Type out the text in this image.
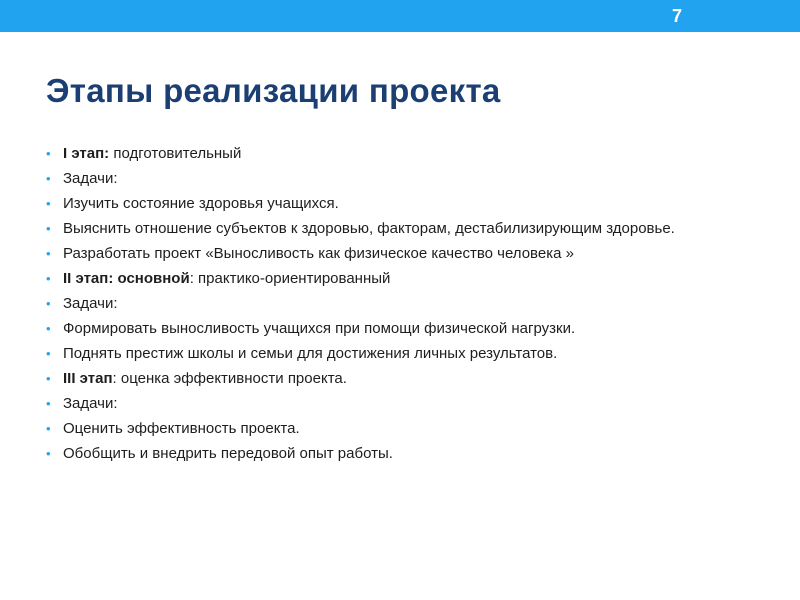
7
Этапы реализации проекта
• I этап: подготовительный
• Задачи:
• Изучить состояние здоровья учащихся.
• Выяснить отношение субъектов к здоровью, факторам, дестабилизирующим здоровье.
• Разработать проект «Выносливость как физическое качество человека »
• II этап: основной: практико-ориентированный
• Задачи:
• Формировать выносливость учащихся при помощи физической нагрузки.
• Поднять престиж школы и семьи для достижения личных результатов.
• III этап: оценка эффективности проекта.
• Задачи:
• Оценить эффективность проекта.
• Обобщить и внедрить передовой опыт работы.
